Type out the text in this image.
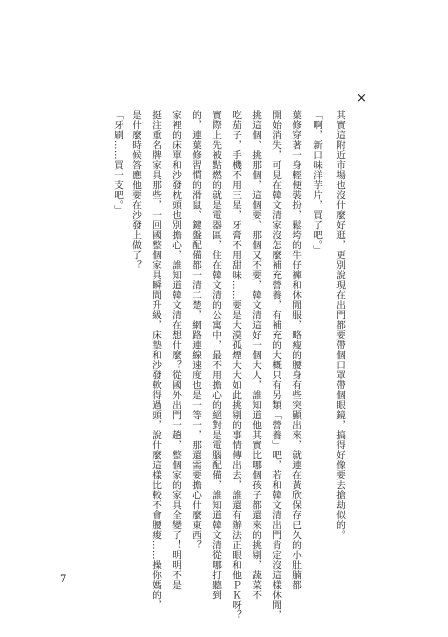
×
其實這附近市場也沒什麼好逛，更別說現在出門都要帶個口罩帶個眼鏡，搞得好像要去搶劫似的。
「啊，新口味洋芋片，買了吧。」
葉修穿著一身輕便裝扮，鬆垮的牛仔褲和休閒服，略瘦的腰身有些突顯出來，就連在黃欣保存已久的小肚腩都
開始消失，可見在韓文清家沒怎麼補充營養，有補充的大概只有另類「營養」吧，若和韓文清出門肯定沒這樣休閒，
挑這個、挑那個，這個要、那個又不要，韓文清這好一個大人，誰知道他其實比哪個孩子都還來的挑剔，蔬菜不
吃茄子，手機不用三星，牙膏不用甜味……要是大漠孤煙大大如此挑剔的事情傳出去，誰還有辦法正眼和他ＰＫ呀？
實際上先被點燃的就是電器區，住在韓文清的公寓中，最不用擔心的絕對是電腦配備，誰知道韓文清從哪打聽到
的，連葉修習慣的滑鼠、鍵盤配備都一清二楚，網路連線速度也是一等一，那還需要擔心什麼東西？
家裡的床單和沙發枕頭也別擔心，誰知道韓文清在想什麼？從國外出門一趟，整個家的家具全變了！明明不是
挺注重名牌家具那些，一回國整個家具瞬間升級，床墊和沙發軟得過頭，說什麼這樣比較不會腰痠……操你媽的，
是什麼時候答應他要在沙發上做了？
「牙刷……買一支吧。」
7
